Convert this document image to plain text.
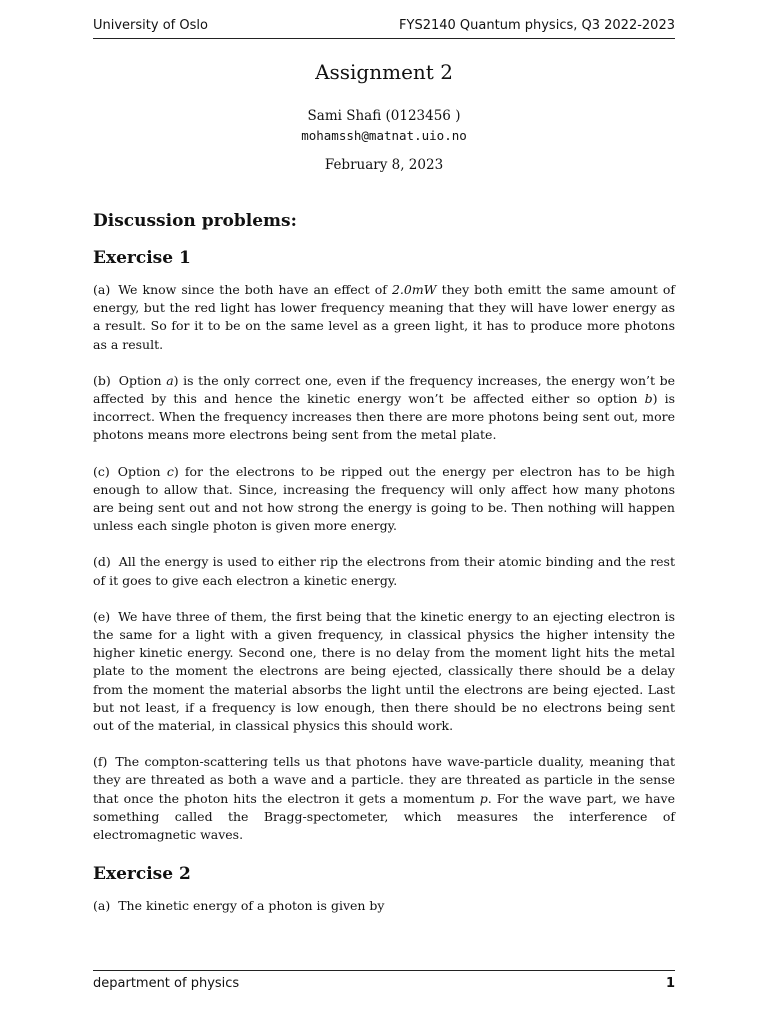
University of Oslo	FYS2140 Quantum physics, Q3 2022-2023
Assignment 2
Sami Shafi (0123456 )
mohamssh@matnat.uio.no
February 8, 2023
Discussion problems:
Exercise 1

(a) We know since the both have an effect of 2.0mW they both emitt the same amount of energy, but the red light has lower frequency meaning that they will have lower energy as a result. So for it to be on the same level as a green light, it has to produce more photons as a result.

(b) Option a) is the only correct one, even if the frequency increases, the energy won’t be affected by this and hence the kinetic energy won’t be affected either so option b) is incorrect. When the frequency increases then there are more photons being sent out, more photons means more electrons being sent from the metal plate.

(c) Option c) for the electrons to be ripped out the energy per electron has to be high enough to allow that. Since, increasing the frequency will only affect how many photons are being sent out and not how strong the energy is going to be. Then nothing will happen unless each single photon is given more energy.

(d) All the energy is used to either rip the electrons from their atomic binding and the rest of it goes to give each electron a kinetic energy.

(e) We have three of them, the first being that the kinetic energy to an ejecting electron is the same for a light with a given frequency, in classical physics the higher intensity the higher kinetic energy. Second one, there is no delay from the moment light hits the metal plate to the moment the electrons are being ejected, classically there should be a delay from the moment the material absorbs the light until the electrons are being ejected. Last but not least, if a frequency is low enough, then there should be no electrons being sent out of the material, in classical physics this should work.

(f) The compton-scattering tells us that photons have wave-particle duality, meaning that they are threated as both a wave and a particle. they are threated as particle in the sense that once the photon hits the electron it gets a momentum p. For the wave part, we have something called the Bragg-spectometer, which measures the interference of electromagnetic waves.

Exercise 2

(a) The kinetic energy of a photon is given by

department of physics	1
